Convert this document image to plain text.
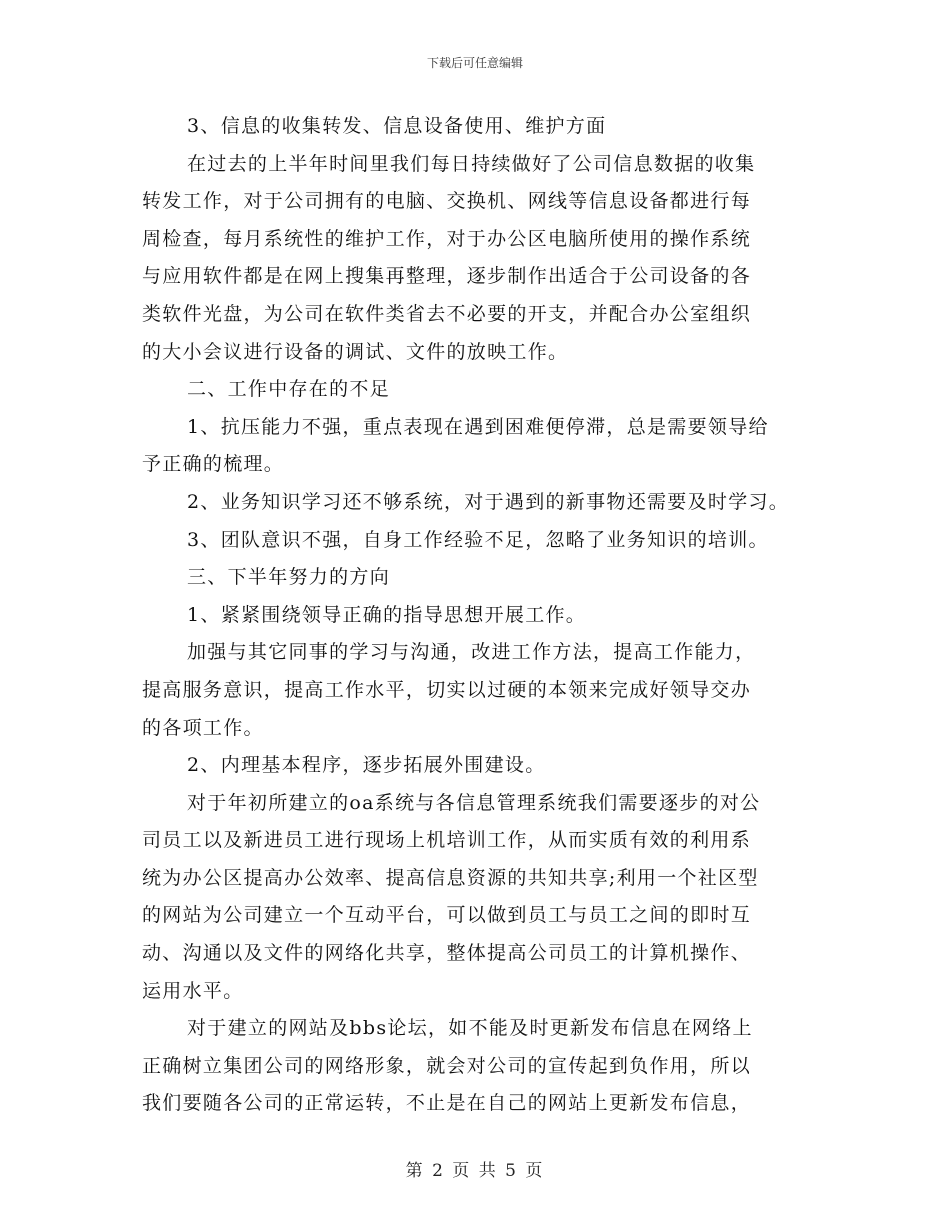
下载后可任意编辑
3、信息的收集转发、信息设备使用、维护方面
在过去的上半年时间里我们每日持续做好了公司信息数据的收集
转发工作，对于公司拥有的电脑、交换机、网线等信息设备都进行每
周检查，每月系统性的维护工作，对于办公区电脑所使用的操作系统
与应用软件都是在网上搜集再整理，逐步制作出适合于公司设备的各
类软件光盘，为公司在软件类省去不必要的开支，并配合办公室组织
的大小会议进行设备的调试、文件的放映工作。
二、工作中存在的不足
1、抗压能力不强，重点表现在遇到困难便停滞，总是需要领导给
予正确的梳理。
2、业务知识学习还不够系统，对于遇到的新事物还需要及时学习。
3、团队意识不强，自身工作经验不足，忽略了业务知识的培训。
三、下半年努力的方向
1、紧紧围绕领导正确的指导思想开展工作。
加强与其它同事的学习与沟通，改进工作方法，提高工作能力，
提高服务意识，提高工作水平，切实以过硬的本领来完成好领导交办
的各项工作。
2、内理基本程序，逐步拓展外围建设。
对于年初所建立的oa系统与各信息管理系统我们需要逐步的对公
司员工以及新进员工进行现场上机培训工作，从而实质有效的利用系
统为办公区提高办公效率、提高信息资源的共知共享;利用一个社区型
的网站为公司建立一个互动平台，可以做到员工与员工之间的即时互
动、沟通以及文件的网络化共享，整体提高公司员工的计算机操作、
运用水平。
对于建立的网站及bbs论坛，如不能及时更新发布信息在网络上
正确树立集团公司的网络形象，就会对公司的宣传起到负作用，所以
我们要随各公司的正常运转，不止是在自己的网站上更新发布信息，
第 2 页 共 5 页
